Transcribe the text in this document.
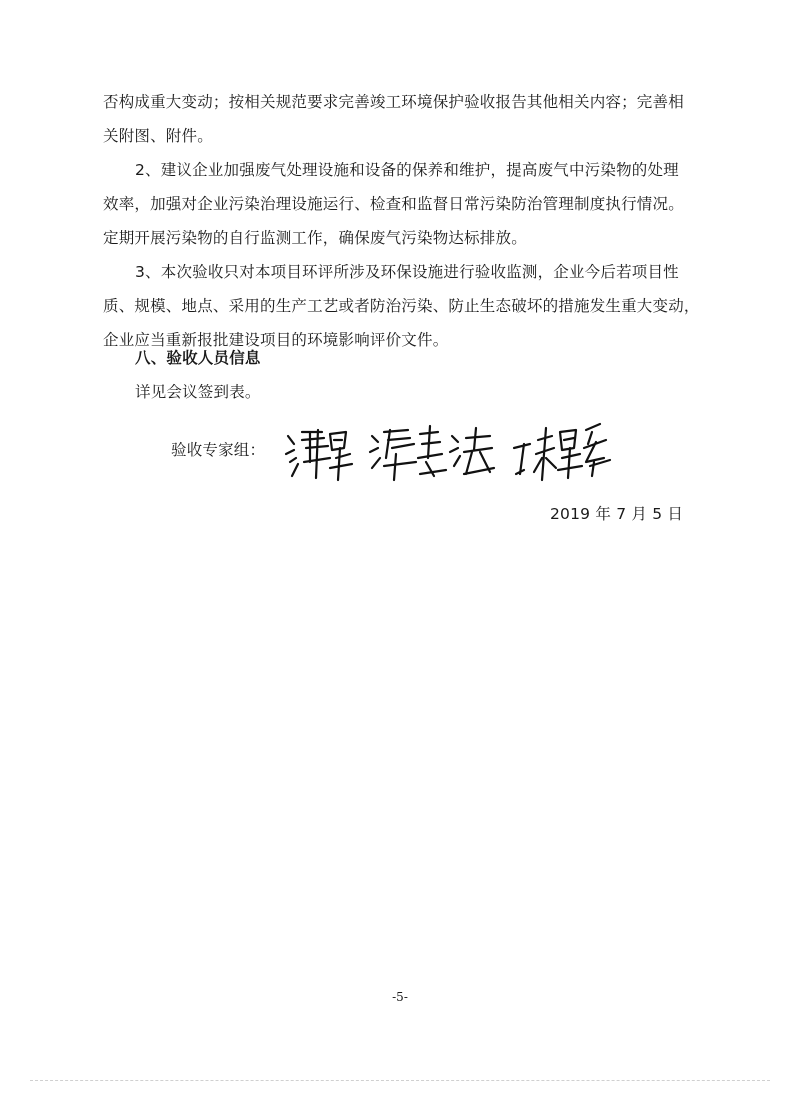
否构成重大变动；按相关规范要求完善竣工环境保护验收报告其他相关内容；完善相
关附图、附件。
2、建议企业加强废气处理设施和设备的保养和维护，提高废气中污染物的处理
效率，加强对企业污染治理设施运行、检查和监督日常污染防治管理制度执行情况。
定期开展污染物的自行监测工作，确保废气污染物达标排放。
3、本次验收只对本项目环评所涉及环保设施进行验收监测，企业今后若项目性
质、规模、地点、采用的生产工艺或者防治污染、防止生态破坏的措施发生重大变动，
企业应当重新报批建设项目的环境影响评价文件。
八、验收人员信息
详见会议签到表。
验收专家组：
2019 年 7 月 5 日
-5-
